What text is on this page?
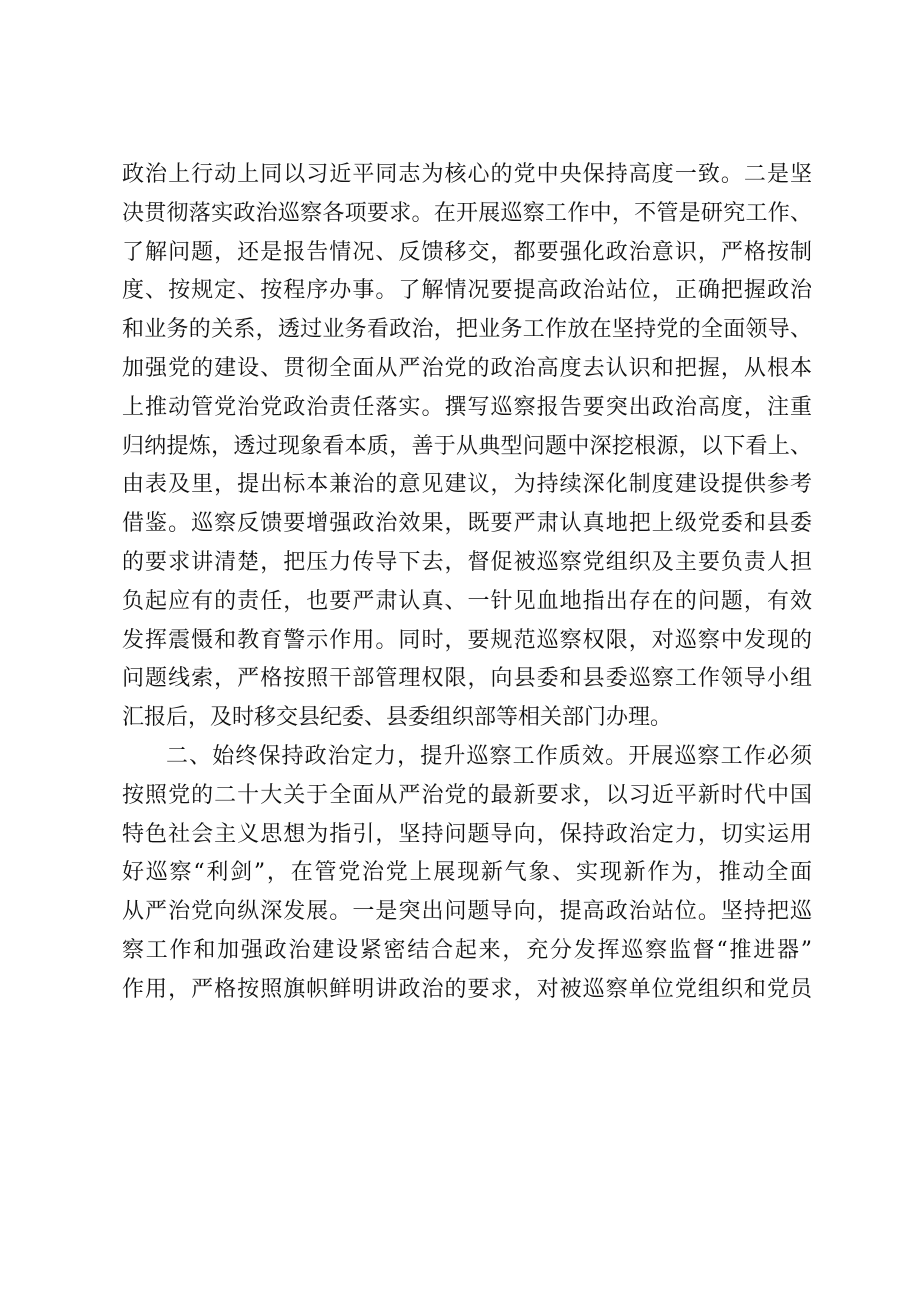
政治上行动上同以习近平同志为核心的党中央保持高度一致。二是坚
决贯彻落实政治巡察各项要求。在开展巡察工作中，不管是研究工作、
了解问题，还是报告情况、反馈移交，都要强化政治意识，严格按制
度、按规定、按程序办事。了解情况要提高政治站位，正确把握政治
和业务的关系，透过业务看政治，把业务工作放在坚持党的全面领导、
加强党的建设、贯彻全面从严治党的政治高度去认识和把握，从根本
上推动管党治党政治责任落实。撰写巡察报告要突出政治高度，注重
归纳提炼，透过现象看本质，善于从典型问题中深挖根源，以下看上、
由表及里，提出标本兼治的意见建议，为持续深化制度建设提供参考
借鉴。巡察反馈要增强政治效果，既要严肃认真地把上级党委和县委
的要求讲清楚，把压力传导下去，督促被巡察党组织及主要负责人担
负起应有的责任，也要严肃认真、一针见血地指出存在的问题，有效
发挥震慑和教育警示作用。同时，要规范巡察权限，对巡察中发现的
问题线索，严格按照干部管理权限，向县委和县委巡察工作领导小组
汇报后，及时移交县纪委、县委组织部等相关部门办理。
二、始终保持政治定力，提升巡察工作质效。开展巡察工作必须
按照党的二十大关于全面从严治党的最新要求，以习近平新时代中国
特色社会主义思想为指引，坚持问题导向，保持政治定力，切实运用
好巡察“利剑”，在管党治党上展现新气象、实现新作为，推动全面
从严治党向纵深发展。一是突出问题导向，提高政治站位。坚持把巡
察工作和加强政治建设紧密结合起来，充分发挥巡察监督“推进器”
作用，严格按照旗帜鲜明讲政治的要求，对被巡察单位党组织和党员
